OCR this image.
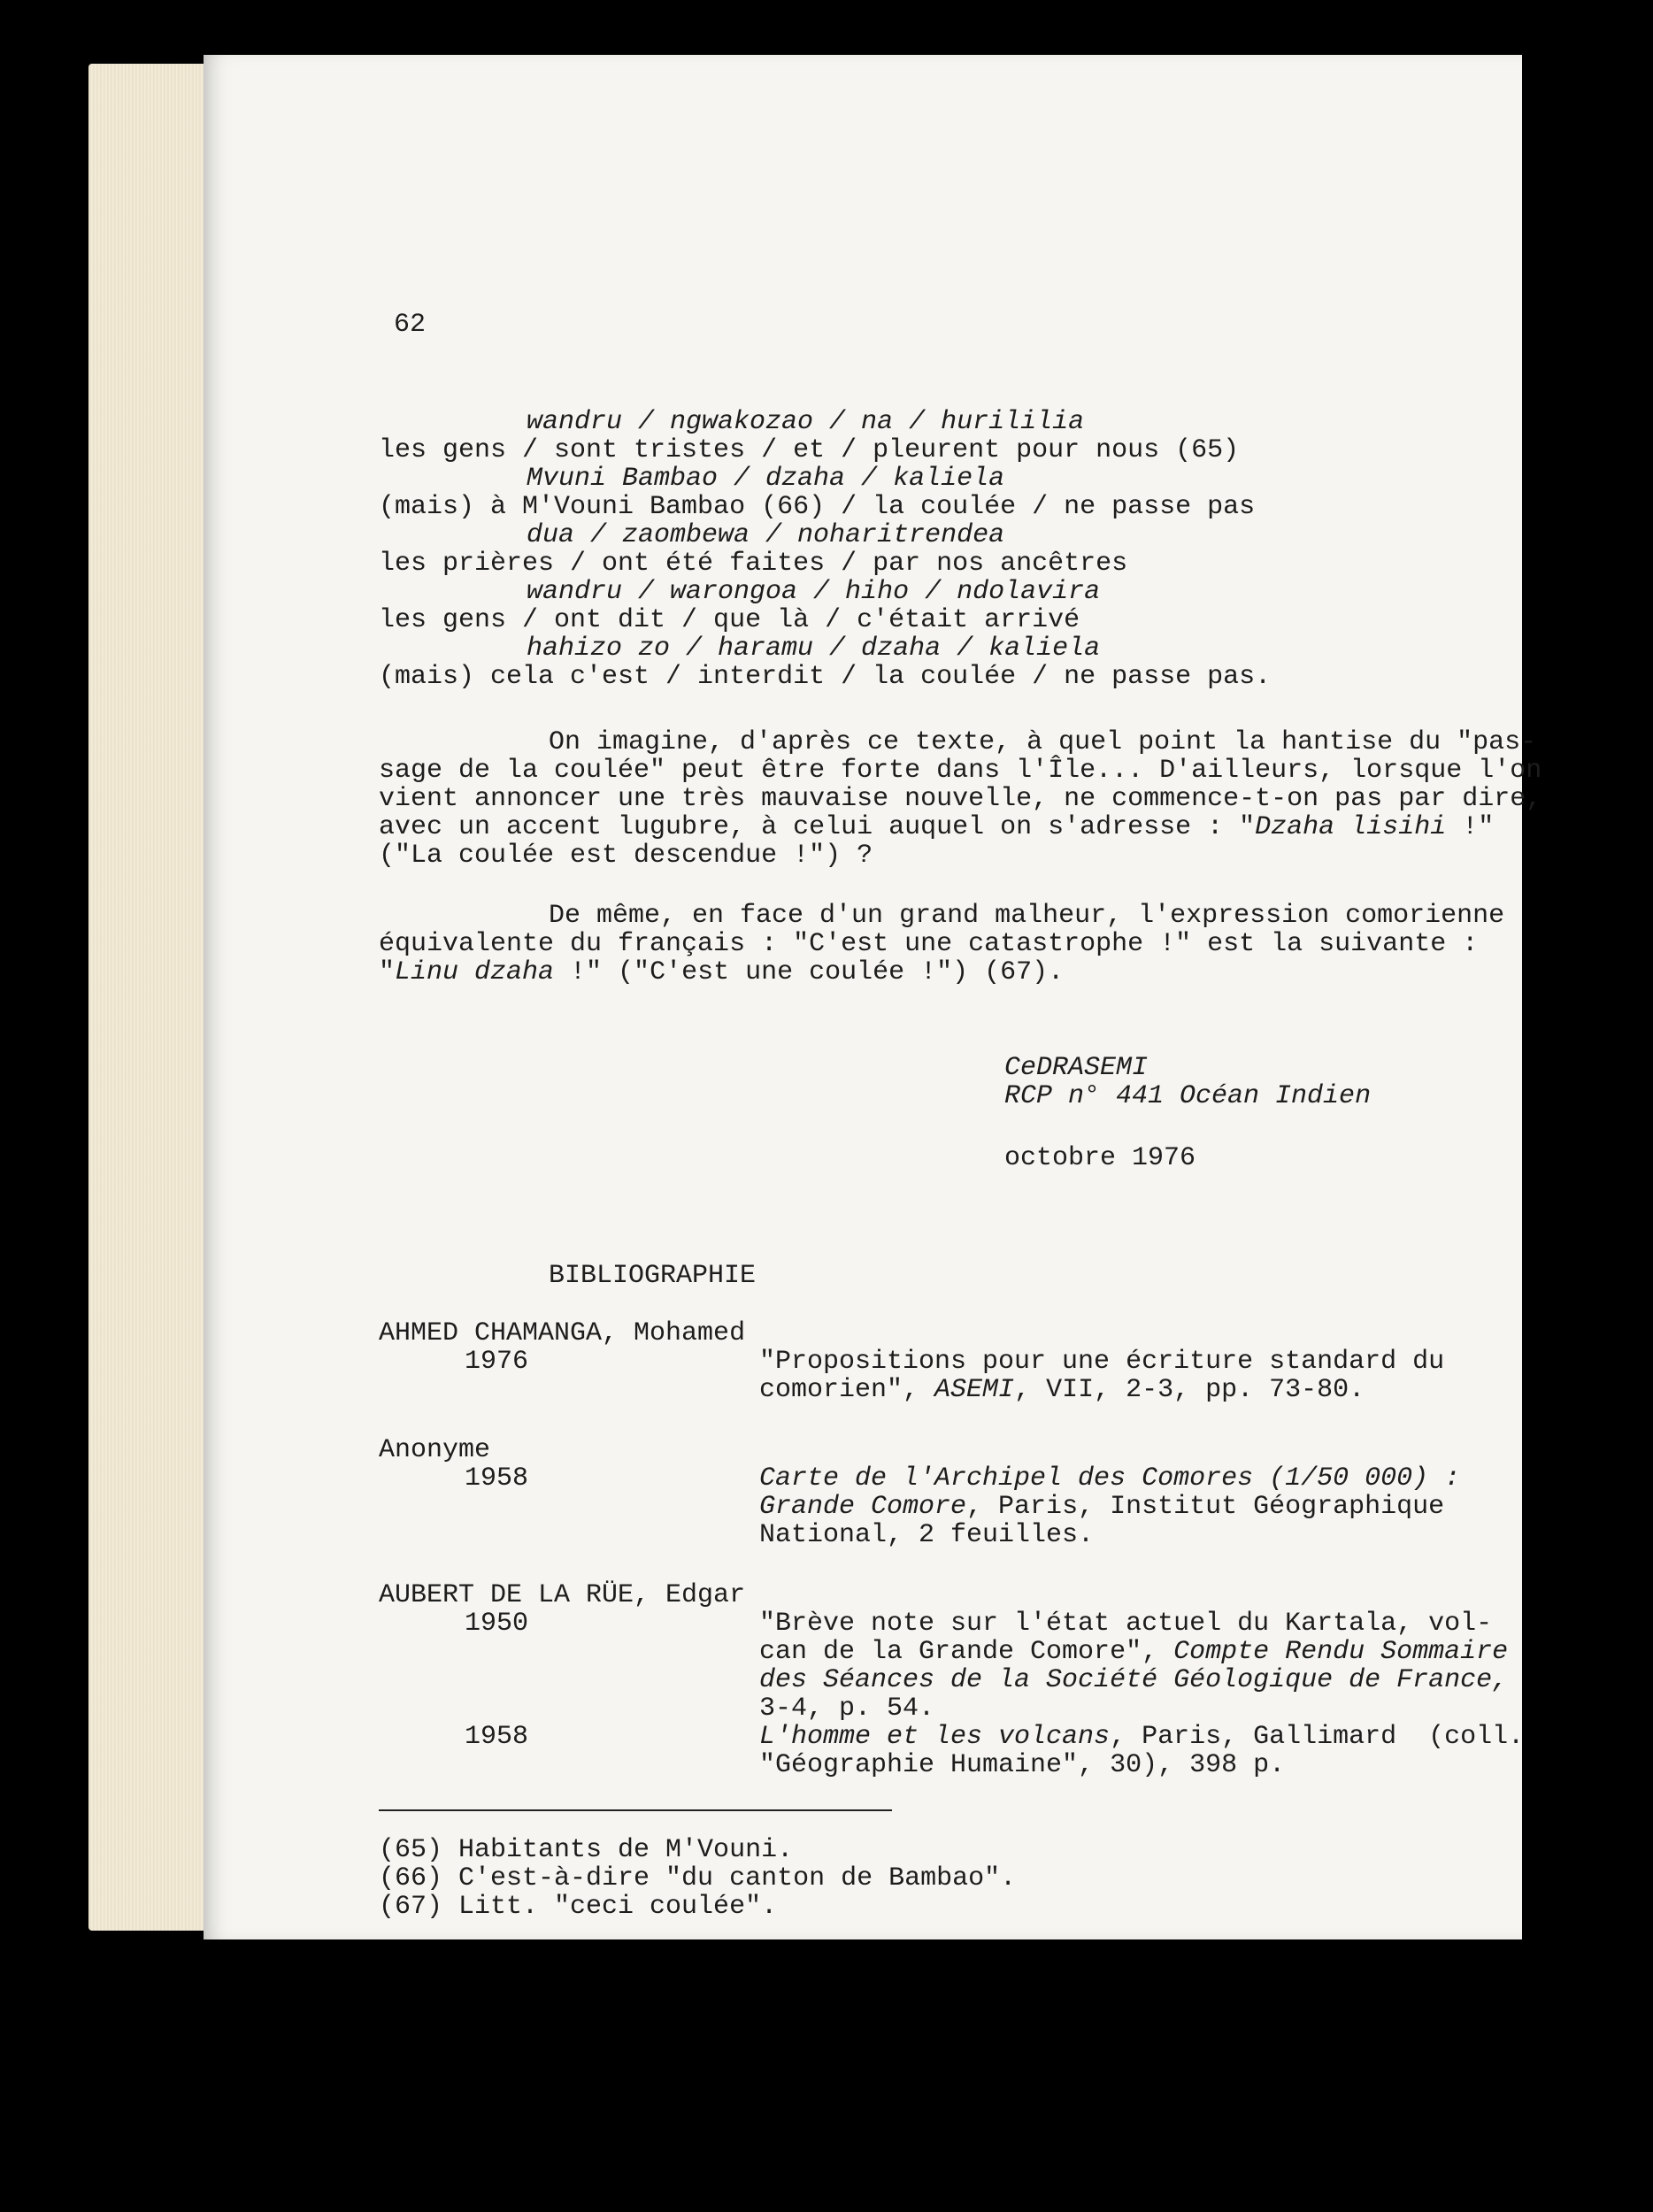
62
wandru / ngwakozao / na / hurililia
les gens / sont tristes / et / pleurent pour nous (65)
Mvuni Bambao / dzaha / kaliela
(mais) à M'Vouni Bambao (66) / la coulée / ne passe pas
dua / zaombewa / noharitrendea
les prières / ont été faites / par nos ancêtres
wandru / warongoa / hiho / ndolavira
les gens / ont dit / que là / c'était arrivé
hahizo zo / haramu / dzaha / kaliela
(mais) cela c'est / interdit / la coulée / ne passe pas.
On imagine, d'après ce texte, à quel point la hantise du "pas-
sage de la coulée" peut être forte dans l'Île... D'ailleurs, lorsque l'on
vient annoncer une très mauvaise nouvelle, ne commence-t-on pas par dire,
avec un accent lugubre, à celui auquel on s'adresse : "Dzaha lisihi !"
("La coulée est descendue !") ?
De même, en face d'un grand malheur, l'expression comorienne
équivalente du français : "C'est une catastrophe !" est la suivante :
"Linu dzaha !" ("C'est une coulée !") (67).
CeDRASEMI
RCP n° 441 Océan Indien
octobre 1976
BIBLIOGRAPHIE
AHMED CHAMANGA, Mohamed
1976	"Propositions pour une écriture standard du
comorien", ASEMI, VII, 2-3, pp. 73-80.
Anonyme
1958	Carte de l'Archipel des Comores (1/50 000) :
Grande Comore, Paris, Institut Géographique
National, 2 feuilles.
AUBERT DE LA RÜE, Edgar
1950	"Brève note sur l'état actuel du Kartala, vol-
can de la Grande Comore", Compte Rendu Sommaire
des Séances de la Société Géologique de France,
3-4, p. 54.
1958	L'homme et les volcans, Paris, Gallimard  (coll.
"Géographie Humaine", 30), 398 p.
(65) Habitants de M'Vouni.
(66) C'est-à-dire "du canton de Bambao".
(67) Litt. "ceci coulée".
